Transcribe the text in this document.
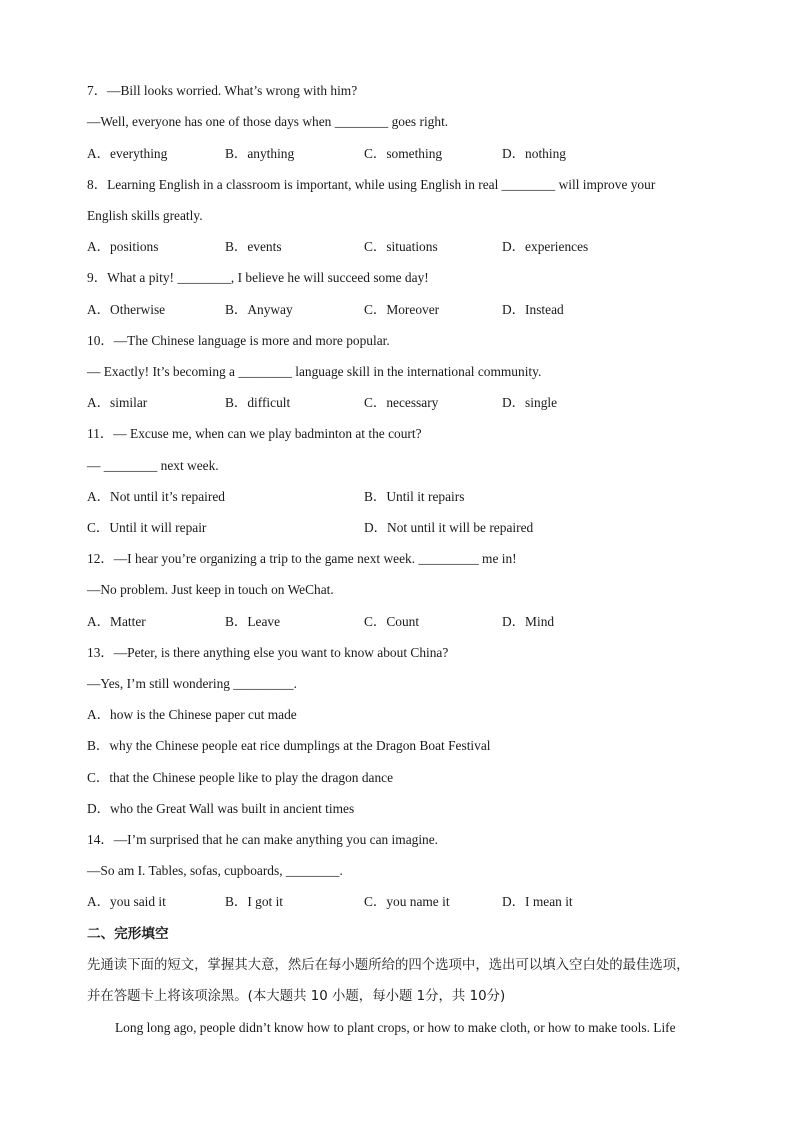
7．—Bill looks worried. What’s wrong with him?
—Well, everyone has one of those days when ________ goes right.
A．everything	B．anything	C．something	D．nothing
8．Learning English in a classroom is important, while using English in real ________ will improve your
English skills greatly.
A．positions	B．events	C．situations	D．experiences
9．What a pity! ________, I believe he will succeed some day!
A．Otherwise	B．Anyway	C．Moreover	D．Instead
10．—The Chinese language is more and more popular.
— Exactly! It’s becoming a ________ language skill in the international community.
A．similar	B．difficult	C．necessary	D．single
11．— Excuse me, when can we play badminton at the court?
— ________ next week.
A．Not until it’s repaired	B．Until it repairs
C．Until it will repair	D．Not until it will be repaired
12．—I hear you’re organizing a trip to the game next week. _________ me in!
—No problem. Just keep in touch on WeChat.
A．Matter	B．Leave	C．Count	D．Mind
13．—Peter, is there anything else you want to know about China?
—Yes, I’m still wondering _________.
A．how is the Chinese paper cut made
B．why the Chinese people eat rice dumplings at the Dragon Boat Festival
C．that the Chinese people like to play the dragon dance
D．who the Great Wall was built in ancient times
14．—I’m surprised that he can make anything you can imagine.
—So am I. Tables, sofas, cupboards, ________.
A．you said it	B．I got it	C．you name it	D．I mean it
二、完形填空
先通读下面的短文，掌握其大意，然后在每小题所给的四个选项中，选出可以填入空白处的最佳选项，
并在答题卡上将该项涂黑。(本大题共 10 小题，每小题 1分，共 10分)
Long long ago, people didn’t know how to plant crops, or how to make cloth, or how to make tools. Life
